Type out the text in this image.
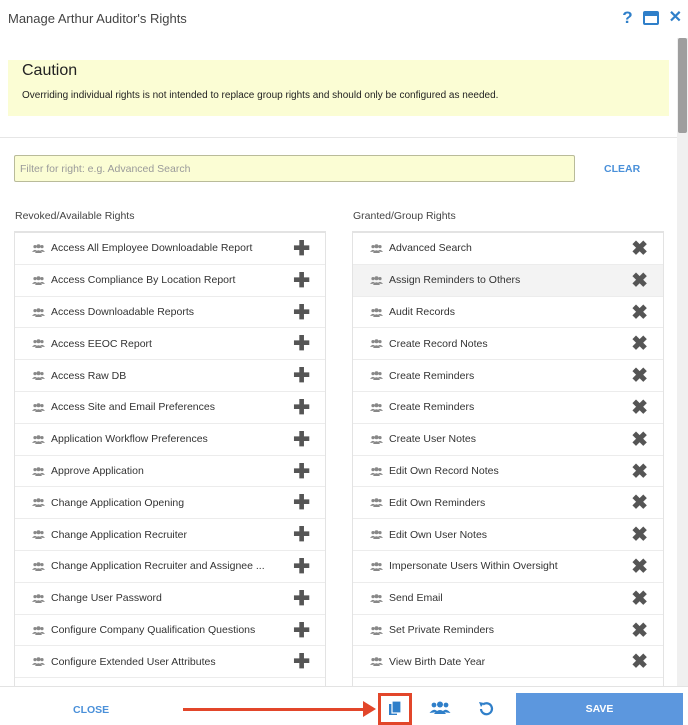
Manage Arthur Auditor's Rights	? ✕
Caution
Overriding individual rights is not intended to replace group rights and should only be configured as needed.
Filter for right: e.g. Advanced Search
CLEAR
Revoked/Available Rights	Granted/Group Rights
Access All Employee Downloadable Report ✚
Access Compliance By Location Report	✚
Access Downloadable Reports	✚
Access EEOC Report	✚
Access Raw DB	✚
Access Site and Email Preferences	✚
Application Workflow Preferences	✚
Approve Application	✚
Change Application Opening	✚
Change Application Recruiter	✚
Change Application Recruiter and Assignee ... ✚
Change User Password	✚
Configure Company Qualification Questions ✚
Configure Extended User Attributes	✚
Advanced Search	✖
Assign Reminders to Others	✖
Audit Records	✖
Create Record Notes	✖
Create Reminders	✖
Create Reminders	✖
Create User Notes	✖
Edit Own Record Notes	✖
Edit Own Reminders	✖
Edit Own User Notes	✖
Impersonate Users Within Oversight	✖
Send Email	✖
Set Private Reminders	✖
View Birth Date Year	✖
CLOSE	SAVE
